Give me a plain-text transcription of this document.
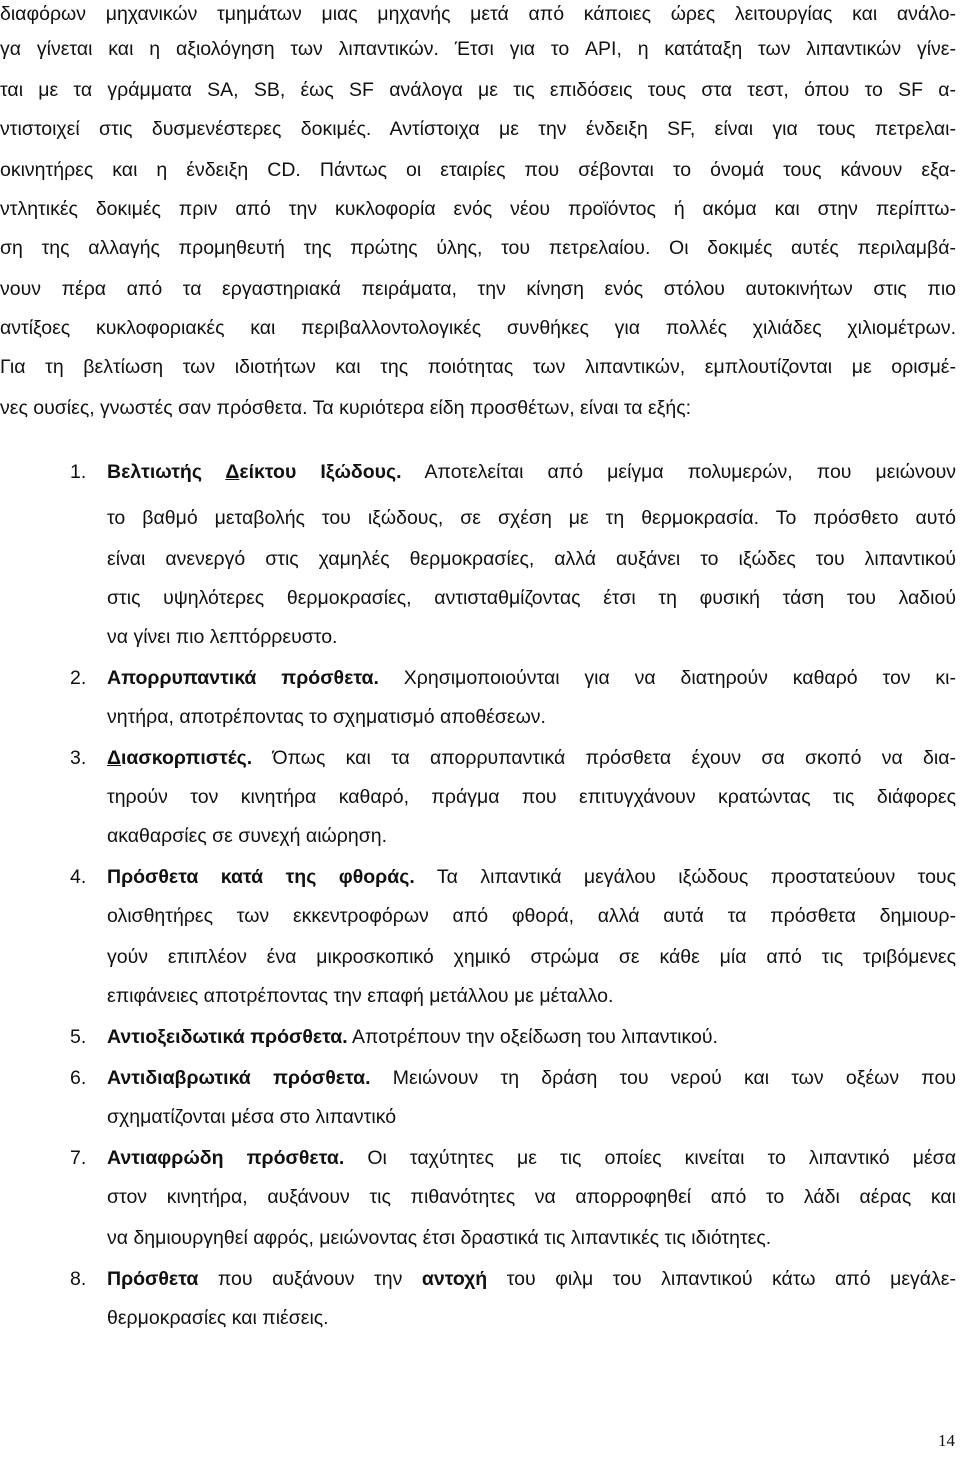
διαφόρων μηχανικών τμημάτων μιας μηχανής μετά από κάποιες ώρες λειτουργίας και ανάλο-
γα γίνεται και η αξιολόγηση των λιπαντικών. Έτσι για το API, η κατάταξη των λιπαντικών γίνε-
ται με τα γράμματα SA, SB, έως SF ανάλογα με τις επιδόσεις τους στα τεστ, όπου το SF α-
ντιστοιχεί στις δυσμενέστερες δοκιμές. Αντίστοιχα με την ένδειξη SF, είναι για τους πετρελαι-
οκινητήρες και η ένδειξη CD. Πάντως οι εταιρίες που σέβονται το όνομά τους κάνουν εξα-
ντλητικές δοκιμές πριν από την κυκλοφορία ενός νέου προϊόντος ή ακόμα και στην περίπτω-
ση της αλλαγής προμηθευτή της πρώτης ύλης, του πετρελαίου. Οι δοκιμές αυτές περιλαμβά-
νουν πέρα από τα εργαστηριακά πειράματα, την κίνηση ενός στόλου αυτοκινήτων στις πιο
αντίξοες κυκλοφοριακές και περιβαλλοντολογικές συνθήκες για πολλές χιλιάδες χιλιομέτρων.
Για τη βελτίωση των ιδιοτήτων και της ποιότητας των λιπαντικών, εμπλουτίζονται με ορισμέ-
νες ουσίες, γνωστές σαν πρόσθετα. Τα κυριότερα είδη προσθέτων, είναι τα εξής:
1.	Βελτιωτής Δείκτου Ιξώδους. Αποτελείται από μείγμα πολυμερών, που μειώνουν
το βαθμό μεταβολής του ιξώδους, σε σχέση με τη θερμοκρασία. Το πρόσθετο αυτό
είναι ανενεργό στις χαμηλές θερμοκρασίες, αλλά αυξάνει το ιξώδες του λιπαντικού
στις υψηλότερες θερμοκρασίες, αντισταθμίζοντας έτσι τη φυσική τάση του λαδιού
να γίνει πιο λεπτόρρευστο.
2.	Απορρυπαντικά πρόσθετα. Χρησιμοποιούνται για να διατηρούν καθαρό τον κι-
νητήρα, αποτρέποντας το σχηματισμό αποθέσεων.
3.	Διασκορπιστές. Όπως και τα απορρυπαντικά πρόσθετα έχουν σα σκοπό να δια-
τηρούν τον κινητήρα καθαρό, πράγμα που επιτυγχάνουν κρατώντας τις διάφορες
ακαθαρσίες σε συνεχή αιώρηση.
4.	Πρόσθετα κατά της φθοράς. Τα λιπαντικά μεγάλου ιξώδους προστατεύουν τους
ολισθητήρες των εκκεντροφόρων από φθορά, αλλά αυτά τα πρόσθετα δημιουρ-
γούν επιπλέον ένα μικροσκοπικό χημικό στρώμα σε κάθε μία από τις τριβόμενες
επιφάνειες αποτρέποντας την επαφή μετάλλου με μέταλλο.
5.	Αντιοξειδωτικά πρόσθετα. Αποτρέπουν την οξείδωση του λιπαντικού.
6.	Αντιδιαβρωτικά πρόσθετα. Μειώνουν τη δράση του νερού και των οξέων που
σχηματίζονται μέσα στο λιπαντικό
7.	Αντιαφρώδη πρόσθετα. Οι ταχύτητες με τις οποίες κινείται το λιπαντικό μέσα
στον κινητήρα, αυξάνουν τις πιθανότητες να απορροφηθεί από το λάδι αέρας και
να δημιουργηθεί αφρός, μειώνοντας έτσι δραστικά τις λιπαντικές τις ιδιότητες.
8.	Πρόσθετα που αυξάνουν την αντοχή του φιλμ του λιπαντικού κάτω από μεγάλε-
θερμοκρασίες και πιέσεις.
14
